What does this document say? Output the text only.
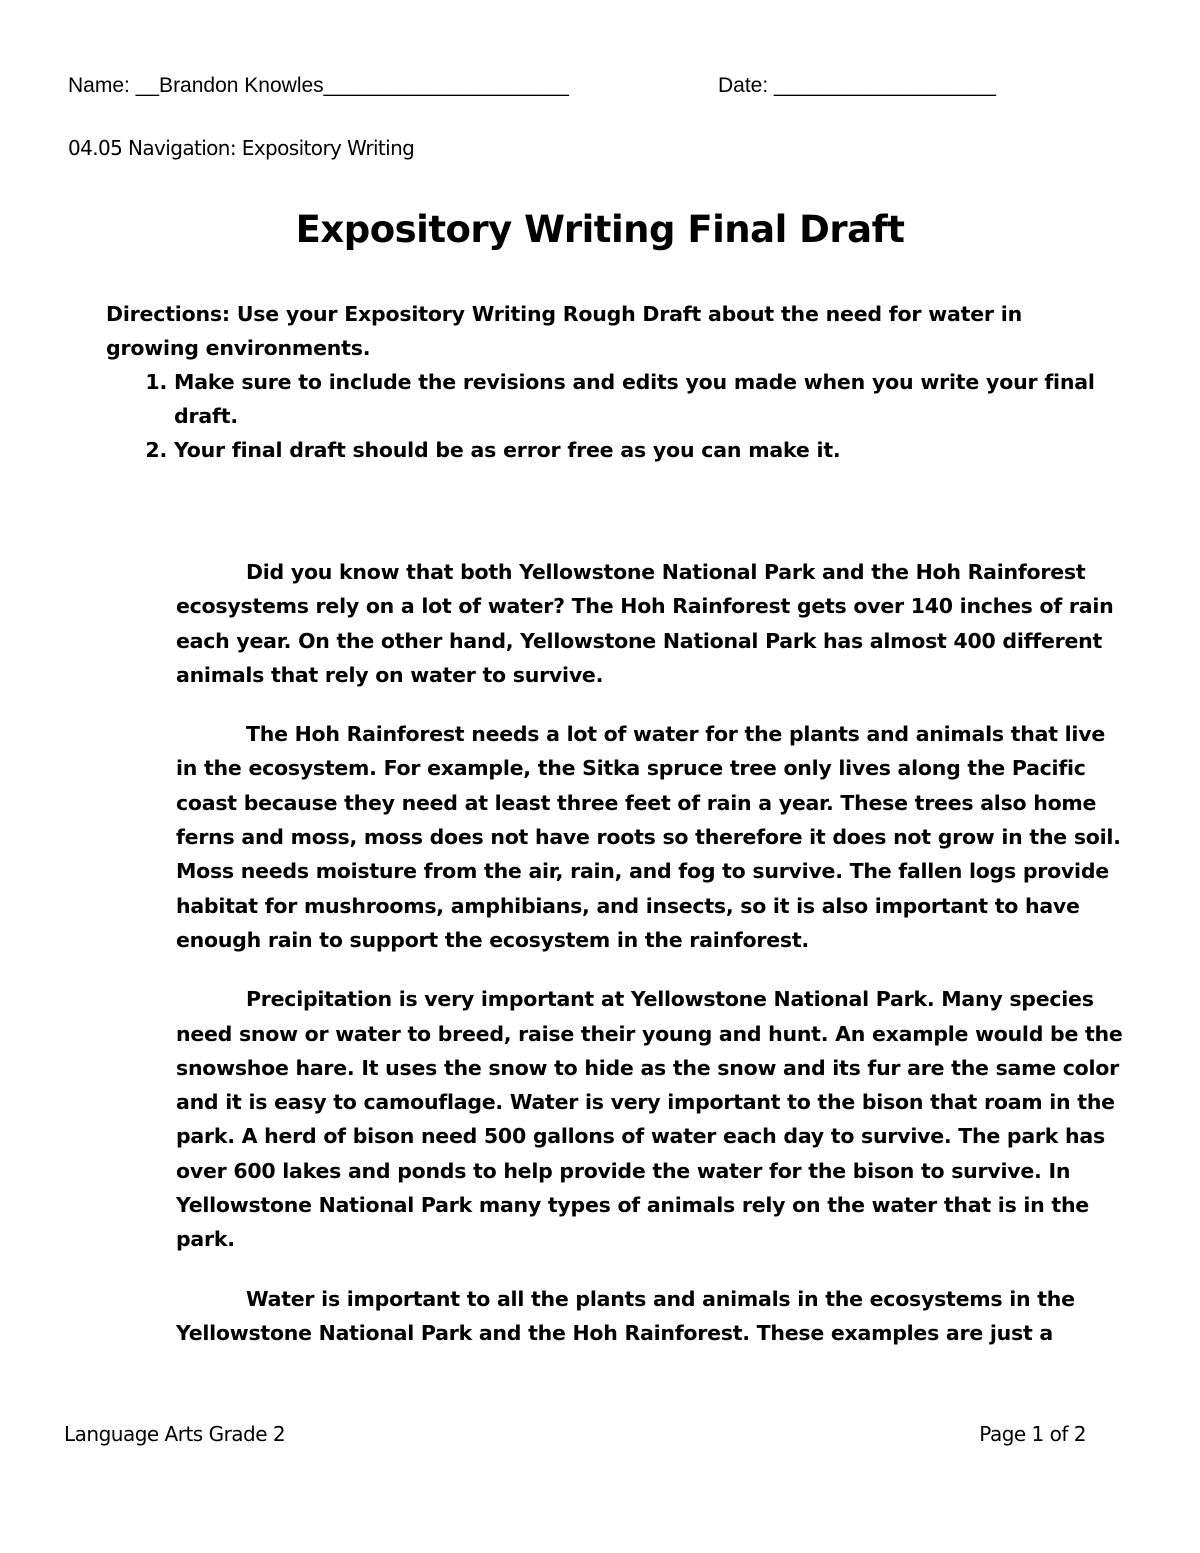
Name: __Brandon Knowles_____________________	Date: ___________________
04.05 Navigation: Expository Writing
Expository Writing Final Draft

Directions: Use your Expository Writing Rough Draft about the need for water in growing environments.

1. Make sure to include the revisions and edits you made when you write your final draft.
2. Your final draft should be as error free as you can make it.

Did you know that both Yellowstone National Park and the Hoh Rainforest ecosystems rely on a lot of water? The Hoh Rainforest gets over 140 inches of rain each year. On the other hand, Yellowstone National Park has almost 400 different animals that rely on water to survive.

The Hoh Rainforest needs a lot of water for the plants and animals that live in the ecosystem. For example, the Sitka spruce tree only lives along the Pacific coast because they need at least three feet of rain a year. These trees also home ferns and moss, moss does not have roots so therefore it does not grow in the soil. Moss needs moisture from the air, rain, and fog to survive. The fallen logs provide habitat for mushrooms, amphibians, and insects, so it is also important to have enough rain to support the ecosystem in the rainforest.

Precipitation is very important at Yellowstone National Park. Many species need snow or water to breed, raise their young and hunt. An example would be the snowshoe hare. It uses the snow to hide as the snow and its fur are the same color and it is easy to camouflage. Water is very important to the bison that roam in the park. A herd of bison need 500 gallons of water each day to survive. The park has over 600 lakes and ponds to help provide the water for the bison to survive. In Yellowstone National Park many types of animals rely on the water that is in the park.

Water is important to all the plants and animals in the ecosystems in the Yellowstone National Park and the Hoh Rainforest. These examples are just a

Language Arts Grade 2	Page 1 of 2
